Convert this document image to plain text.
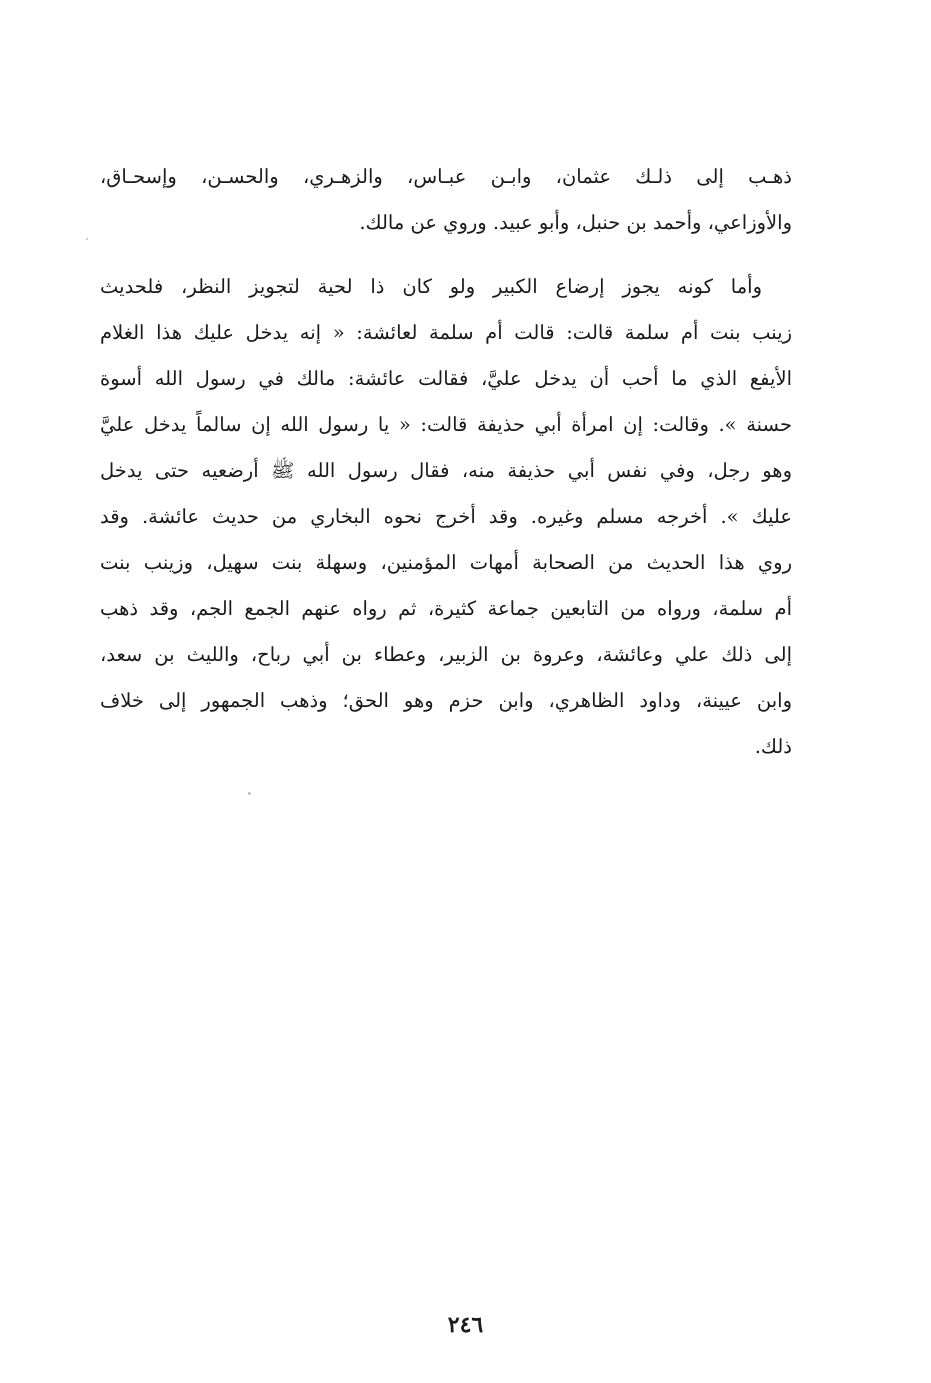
ذهـب إلى ذلـك عثمان، وابـن عبـاس، والزهـري، والحسـن، وإسحـاق،
والأوزاعي، وأحمد بن حنبل، وأبو عبيد. وروي عن مالك.
وأما كونه يجوز إرضاع الكبير ولو كان ذا لحية لتجويز النظر، فلحديث
زينب بنت أم سلمة قالت: قالت أم سلمة لعائشة: « إنه يدخل عليك هذا الغلام
الأيفع الذي ما أحب أن يدخل عليَّ، فقالت عائشة: مالك في رسول الله أسوة
حسنة ». وقالت: إن امرأة أبي حذيفة قالت: « يا رسول الله إن سالماً يدخل عليَّ
وهو رجل، وفي نفس أبي حذيفة منه، فقال رسول الله ﷺ أرضعيه حتى يدخل
عليك ». أخرجه مسلم وغيره. وقد أخرج نحوه البخاري من حديث عائشة. وقد
روي هذا الحديث من الصحابة أمهات المؤمنين، وسهلة بنت سهيل، وزينب بنت
أم سلمة، ورواه من التابعين جماعة كثيرة، ثم رواه عنهم الجمع الجم، وقد ذهب
إلى ذلك علي وعائشة، وعروة بن الزبير، وعطاء بن أبي رباح، والليث بن سعد،
وابن عيينة، وداود الظاهري، وابن حزم وهو الحق؛ وذهب الجمهور إلى خلاف
ذلك.
٢٤٦
